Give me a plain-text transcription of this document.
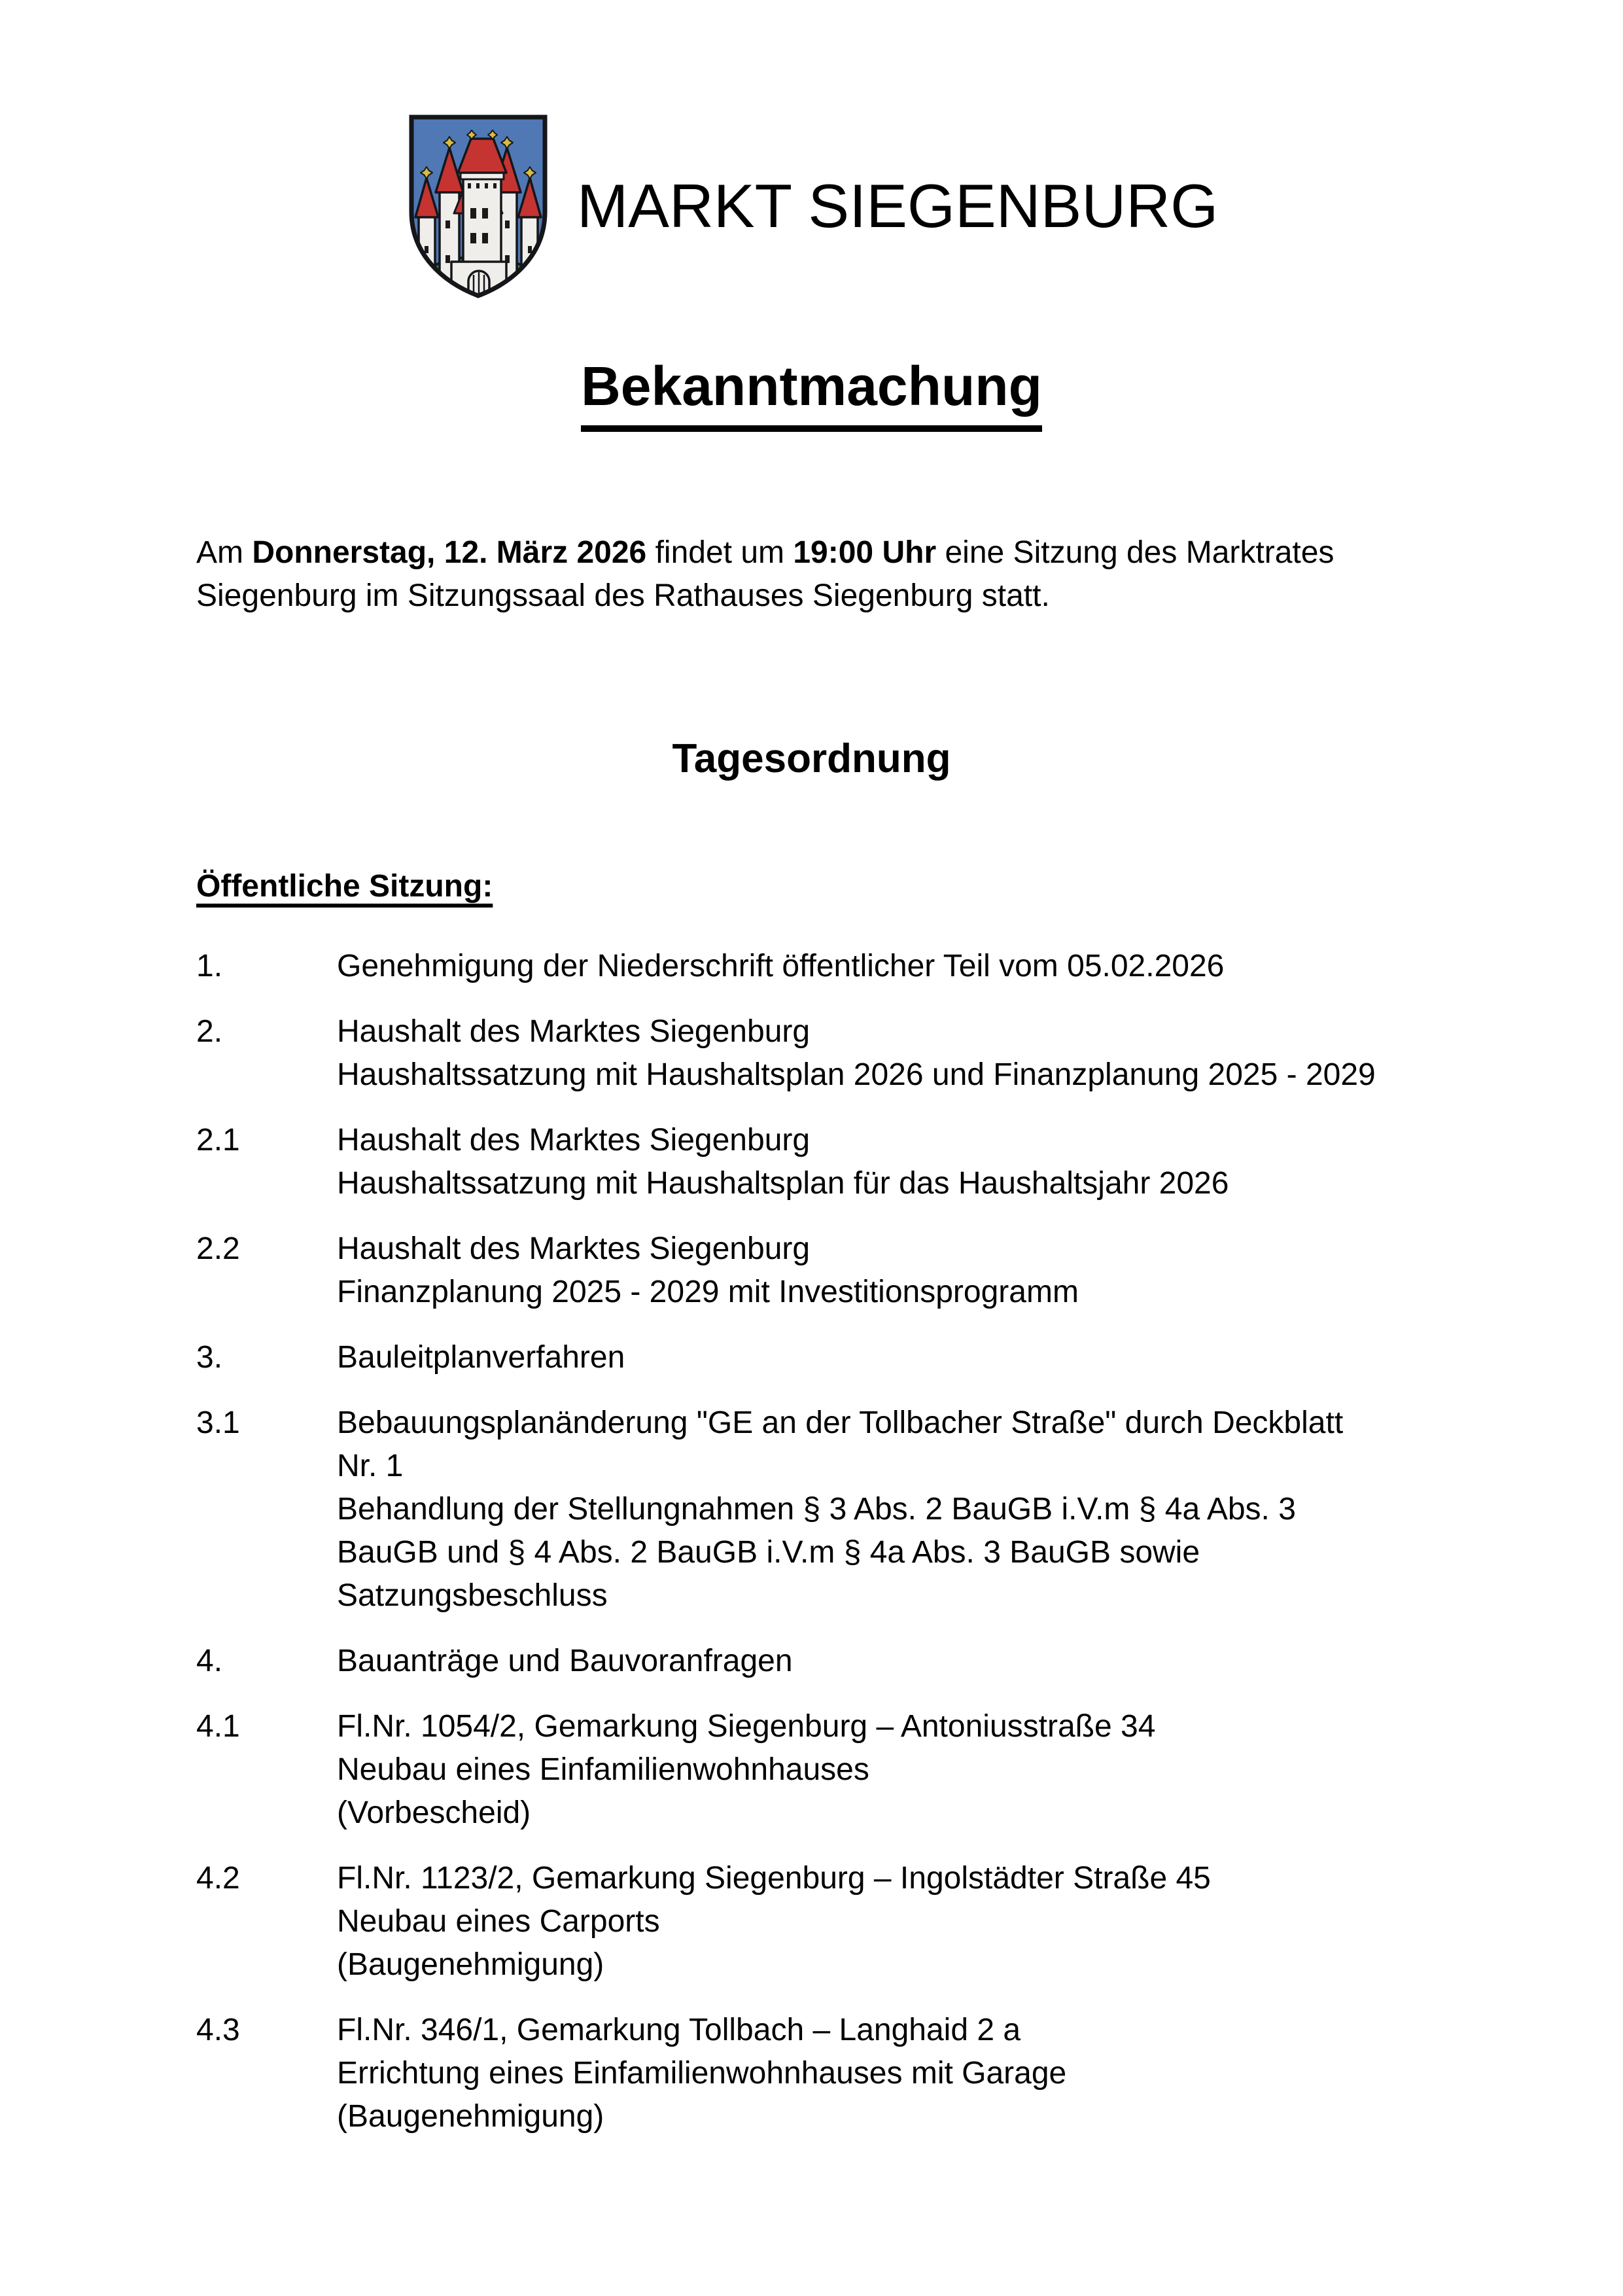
MARKT SIEGENBURG
Bekanntmachung
Am Donnerstag, 12. März 2026 findet um 19:00 Uhr eine Sitzung des Marktrates
Siegenburg im Sitzungssaal des Rathauses Siegenburg statt.
Tagesordnung
Öffentliche Sitzung:
1.	Genehmigung der Niederschrift öffentlicher Teil vom 05.02.2026
2.	Haushalt des Marktes Siegenburg
Haushaltssatzung mit Haushaltsplan 2026 und Finanzplanung 2025 - 2029
2.1	Haushalt des Marktes Siegenburg
Haushaltssatzung mit Haushaltsplan für das Haushaltsjahr 2026
2.2	Haushalt des Marktes Siegenburg
Finanzplanung 2025 - 2029 mit Investitionsprogramm
3.	Bauleitplanverfahren
3.1	Bebauungsplanänderung "GE an der Tollbacher Straße" durch Deckblatt
Nr. 1
Behandlung der Stellungnahmen § 3 Abs. 2 BauGB i.V.m § 4a Abs. 3
BauGB und § 4 Abs. 2 BauGB i.V.m § 4a Abs. 3 BauGB sowie
Satzungsbeschluss
4.	Bauanträge und Bauvoranfragen
4.1	Fl.Nr. 1054/2, Gemarkung Siegenburg – Antoniusstraße 34
Neubau eines Einfamilienwohnhauses
(Vorbescheid)
4.2	Fl.Nr. 1123/2, Gemarkung Siegenburg – Ingolstädter Straße 45
Neubau eines Carports
(Baugenehmigung)
4.3	Fl.Nr. 346/1, Gemarkung Tollbach – Langhaid 2 a
Errichtung eines Einfamilienwohnhauses mit Garage
(Baugenehmigung)
